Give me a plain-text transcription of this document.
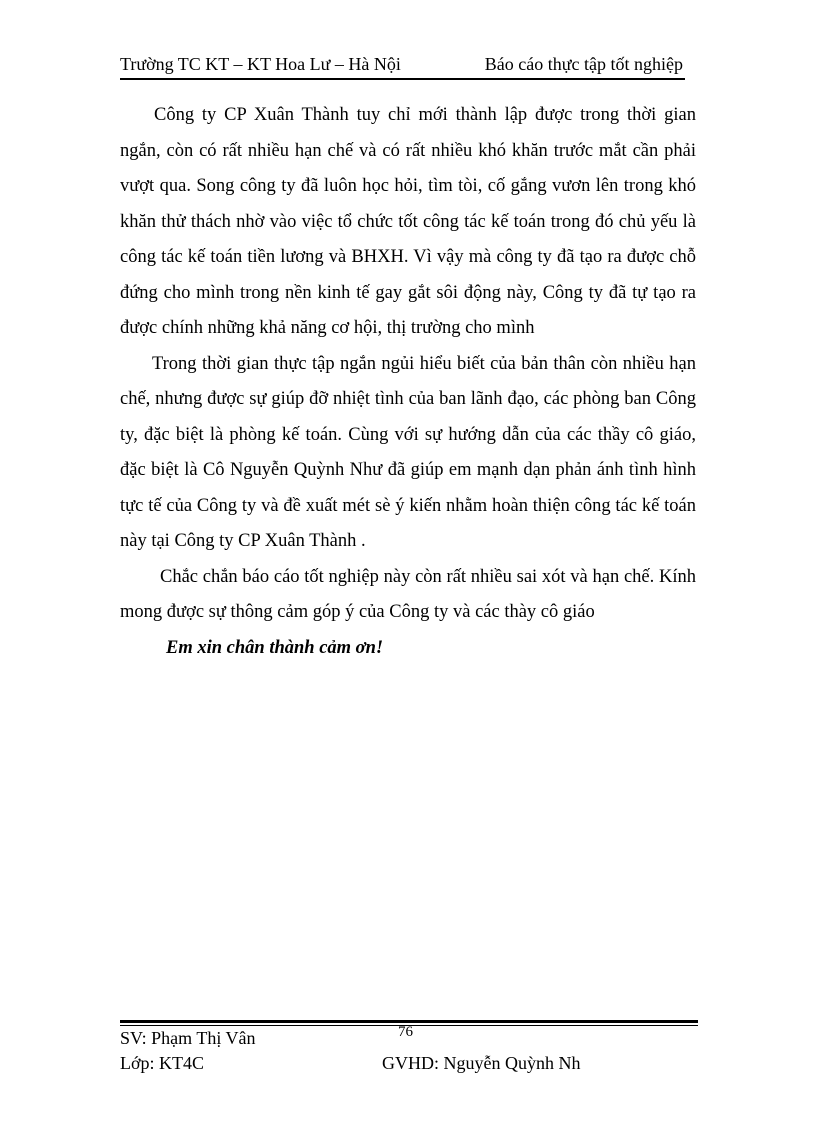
Trường TC KT – KT Hoa Lư – Hà Nội	Báo cáo thực tập tốt nghiệp

Công ty CP Xuân Thành tuy chỉ mới thành lập được trong thời gian ngắn, còn có rất nhiều hạn chế và có rất nhiều khó khăn trước mắt cần phải vượt qua. Song công ty đã luôn học hỏi, tìm tòi, cố gắng vươn lên trong khó khăn thử thách nhờ vào việc tổ chức tốt công tác kế toán trong đó chủ yếu là công tác kế toán tiền lương và BHXH. Vì vậy mà công ty đã tạo ra được chỗ đứng cho mình trong nền kinh tế gay gắt sôi động này, Công ty đã tự tạo ra được chính những khả năng cơ hội, thị trường cho mình

Trong thời gian thực tập ngắn ngủi hiểu biết của bản thân còn nhiều hạn chế, nhưng được sự giúp đỡ nhiệt tình của ban lãnh đạo, các phòng ban Công ty, đặc biệt là phòng kế toán. Cùng với sự hướng dẫn của các thầy cô giáo, đặc biệt là Cô Nguyễn Quỳnh Như đã giúp em mạnh dạn phản ánh tình hình tực tế của Công ty và đề xuất mét sè ý kiến nhằm hoàn thiện công tác kế toán này tại Công ty CP Xuân Thành .

Chắc chắn báo cáo tốt nghiệp này còn rất nhiều sai xót và hạn chế. Kính mong được sự thông cảm góp ý của Công ty và các thày cô giáo

Em xin chân thành cảm ơn!

76
SV: Phạm Thị Vân
Lớp: KT4C	GVHD: Nguyễn Quỳnh Nh
